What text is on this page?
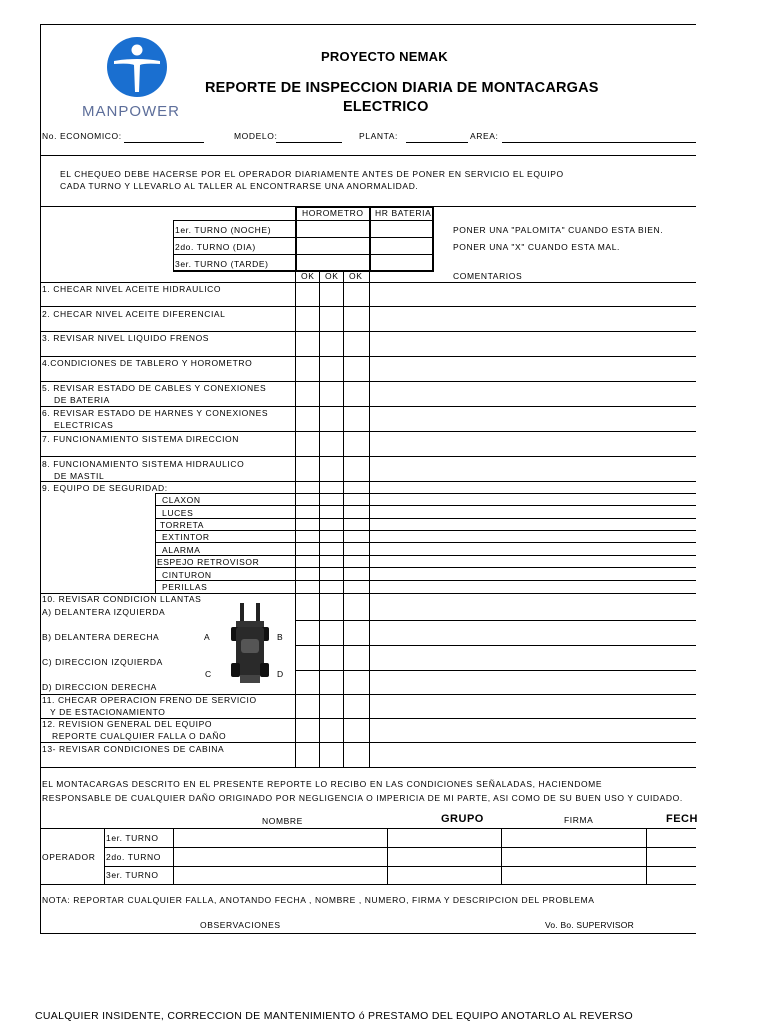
MANPOWER
PROYECTO NEMAK
REPORTE DE INSPECCION DIARIA DE MONTACARGAS
ELECTRICO
No. ECONOMICO:	MODELO:	PLANTA:	AREA:
EL CHEQUEO DEBE HACERSE POR EL OPERADOR DIARIAMENTE ANTES DE PONER EN SERVICIO EL EQUIPO
CADA TURNO Y LLEVARLO AL TALLER AL ENCONTRARSE UNA ANORMALIDAD.
HOROMETRO HR BATERIA
1er. TURNO (NOCHE)
2do. TURNO (DIA)
3er. TURNO (TARDE)
PONER UNA "PALOMITA" CUANDO ESTA BIEN.
PONER UNA "X" CUANDO ESTA MAL.
OK OK OK	COMENTARIOS
1. CHECAR NIVEL ACEITE HIDRAULICO
2. CHECAR NIVEL ACEITE DIFERENCIAL
3. REVISAR NIVEL LIQUIDO FRENOS
4.CONDICIONES DE TABLERO Y HOROMETRO
5. REVISAR ESTADO DE CABLES Y CONEXIONES
DE BATERIA
6. REVISAR ESTADO DE HARNES Y CONEXIONES
ELECTRICAS
7. FUNCIONAMIENTO SISTEMA DIRECCION
8. FUNCIONAMIENTO SISTEMA HIDRAULICO
DE MASTIL
9. EQUIPO DE SEGURIDAD:
CLAXON
LUCES
TORRETA
EXTINTOR
ALARMA
ESPEJO RETROVISOR
CINTURON
PERILLAS
10. REVISAR CONDICION LLANTAS
A) DELANTERA IZQUIERDA
B) DELANTERA DERECHA
C) DIRECCION IZQUIERDA
D) DIRECCION DERECHA
A	B
C	D
11. CHECAR OPERACION FRENO DE SERVICIO
Y DE ESTACIONAMIENTO
12. REVISION GENERAL DEL EQUIPO
REPORTE CUALQUIER FALLA O DAÑO
13- REVISAR CONDICIONES DE CABINA
EL MONTACARGAS DESCRITO EN EL PRESENTE REPORTE LO RECIBO EN LAS CONDICIONES SEÑALADAS, HACIENDOME
RESPONSABLE DE CUALQUIER DAÑO ORIGINADO POR NEGLIGENCIA O IMPERICIA DE MI PARTE, ASI COMO DE SU BUEN USO Y CUIDADO.
NOMBRE	GRUPO	FIRMA	FECH
OPERADOR
1er. TURNO
2do. TURNO
3er. TURNO
NOTA: REPORTAR CUALQUIER FALLA, ANOTANDO FECHA , NOMBRE , NUMERO, FIRMA Y DESCRIPCION DEL PROBLEMA
OBSERVACIONES	Vo. Bo. SUPERVISOR
CUALQUIER INSIDENTE, CORRECCION DE MANTENIMIENTO ó PRESTAMO DEL EQUIPO ANOTARLO AL REVERSO
